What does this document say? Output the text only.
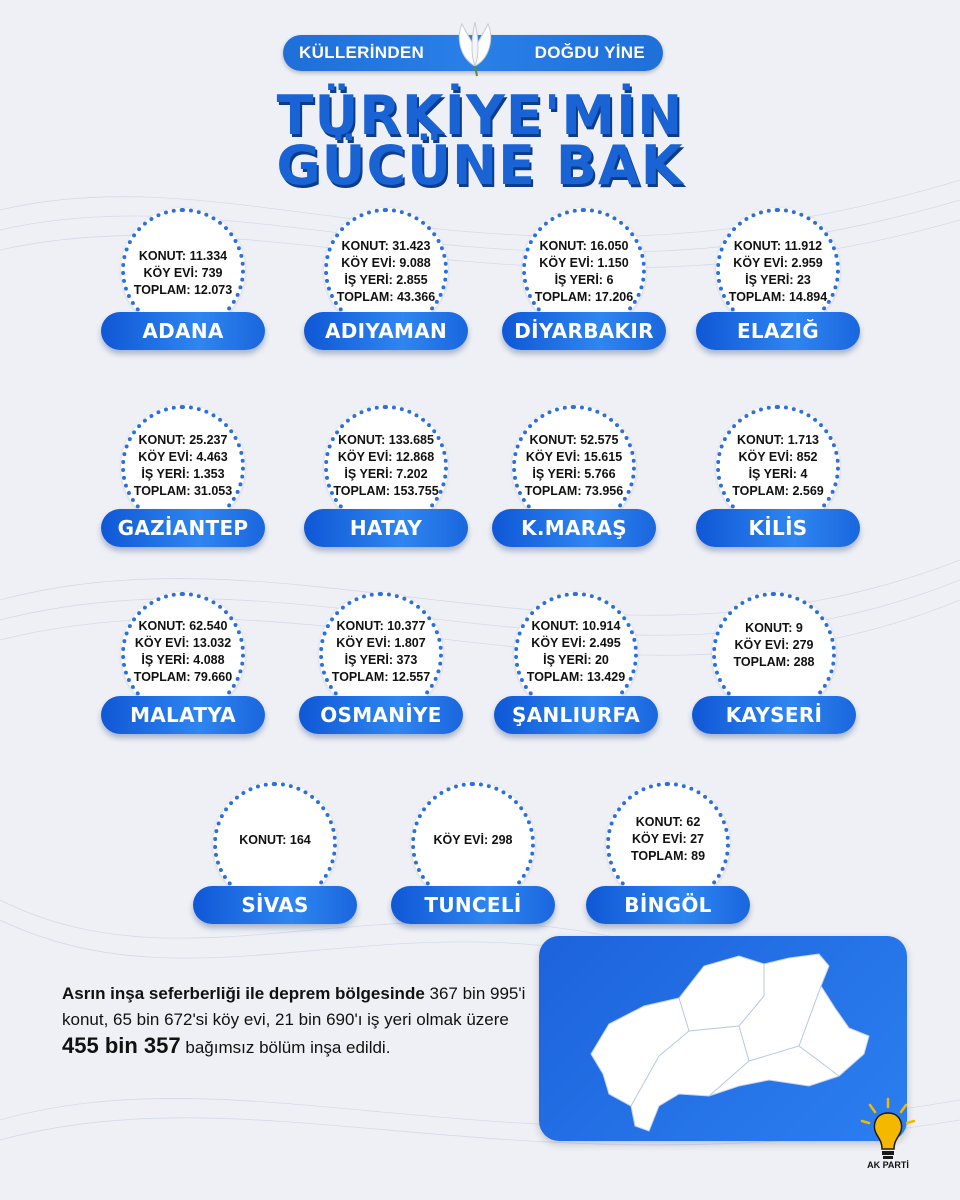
KÜLLERİNDEN	DOĞDU YİNE
TÜRKİYE'MİN
GÜCÜNE BAK
KONUT: 11.334
KÖY EVİ: 739
TOPLAM: 12.073
ADANA
KONUT: 31.423
KÖY EVİ: 9.088
İŞ YERİ: 2.855
TOPLAM: 43.366
ADIYAMAN
KONUT: 16.050
KÖY EVİ: 1.150
İŞ YERİ: 6
TOPLAM: 17.206
DİYARBAKIR
KONUT: 11.912
KÖY EVİ: 2.959
İŞ YERİ: 23
TOPLAM: 14.894
ELAZIĞ
KONUT: 25.237
KÖY EVİ: 4.463
İŞ YERİ: 1.353
TOPLAM: 31.053
GAZİANTEP
KONUT: 133.685
KÖY EVİ: 12.868
İŞ YERİ: 7.202
TOPLAM: 153.755
HATAY
KONUT: 52.575
KÖY EVİ: 15.615
İŞ YERİ: 5.766
TOPLAM: 73.956
K.MARAŞ
KONUT: 1.713
KÖY EVİ: 852
İŞ YERİ: 4
TOPLAM: 2.569
KİLİS
KONUT: 62.540
KÖY EVİ: 13.032
İŞ YERİ: 4.088
TOPLAM: 79.660
MALATYA
KONUT: 10.377
KÖY EVİ: 1.807
İŞ YERİ: 373
TOPLAM: 12.557
OSMANİYE
KONUT: 10.914
KÖY EVİ: 2.495
İŞ YERİ: 20
TOPLAM: 13.429
ŞANLIURFA
KONUT: 9
KÖY EVİ: 279
TOPLAM: 288
KAYSERİ
KONUT: 164
SİVAS
KÖY EVİ: 298
TUNCELİ
KONUT: 62
KÖY EVİ: 27
TOPLAM: 89
BİNGÖL
Asrın inşa seferberliği ile deprem bölgesinde 367 bin 995'i konut, 65 bin 672'si köy evi, 21 bin 690'ı iş yeri olmak üzere 455 bin 357 bağımsız bölüm inşa edildi.
AK PARTİ
